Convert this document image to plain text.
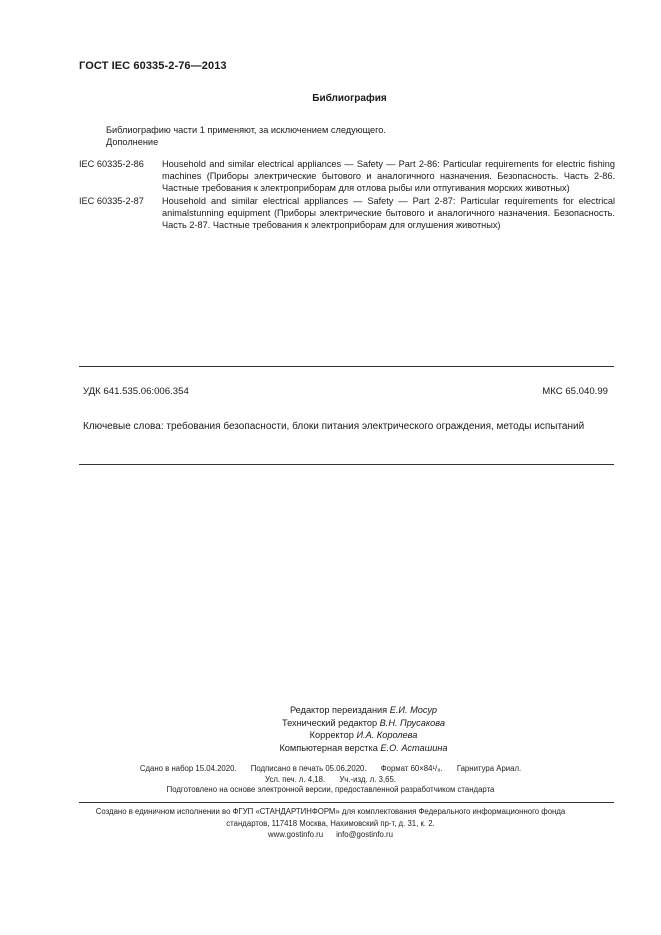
ГОСТ IEC 60335-2-76—2013
Библиография
Библиографию части 1 применяют, за исключением следующего.
Дополнение
IEC 60335-2-86	Household and similar electrical appliances — Safety — Part 2-86: Particular requirements for electric fishing machines (Приборы электрические бытового и аналогичного назначения. Безопасность. Часть 2-86. Частные требования к электроприборам для отлова рыбы или отпугивания морских животных)
IEC 60335-2-87	Household and similar electrical appliances — Safety — Part 2-87: Particular requirements for electrical animalstunning equipment (Приборы электрические бытового и аналогичного назначения. Безопасность. Часть 2-87. Частные требования к электроприборам для оглушения животных)
УДК 641.535.06:006.354	МКС 65.040.99
Ключевые слова: требования безопасности, блоки питания электрического ограждения, методы испытаний
Редактор переиздания Е.И. Мосур
Технический редактор В.Н. Прусакова
Корректор И.А. Королева
Компьютерная верстка Е.О. Асташина
Сдано в набор 15.04.2020. Подписано в печать 05.06.2020. Формат 60×84¹/₈. Гарнитура Ариал.
Усл. печ. л. 4,18. Уч.-изд. л. 3,65.
Подготовлено на основе электронной версии, предоставленной разработчиком стандарта
Создано в единичном исполнении во ФГУП «СТАНДАРТИНФОРМ» для комплектования Федерального информационного фонда
стандартов, 117418 Москва, Нахимовский пр-т, д. 31, к. 2.
www.gostinfo.ru info@gostinfo.ru
